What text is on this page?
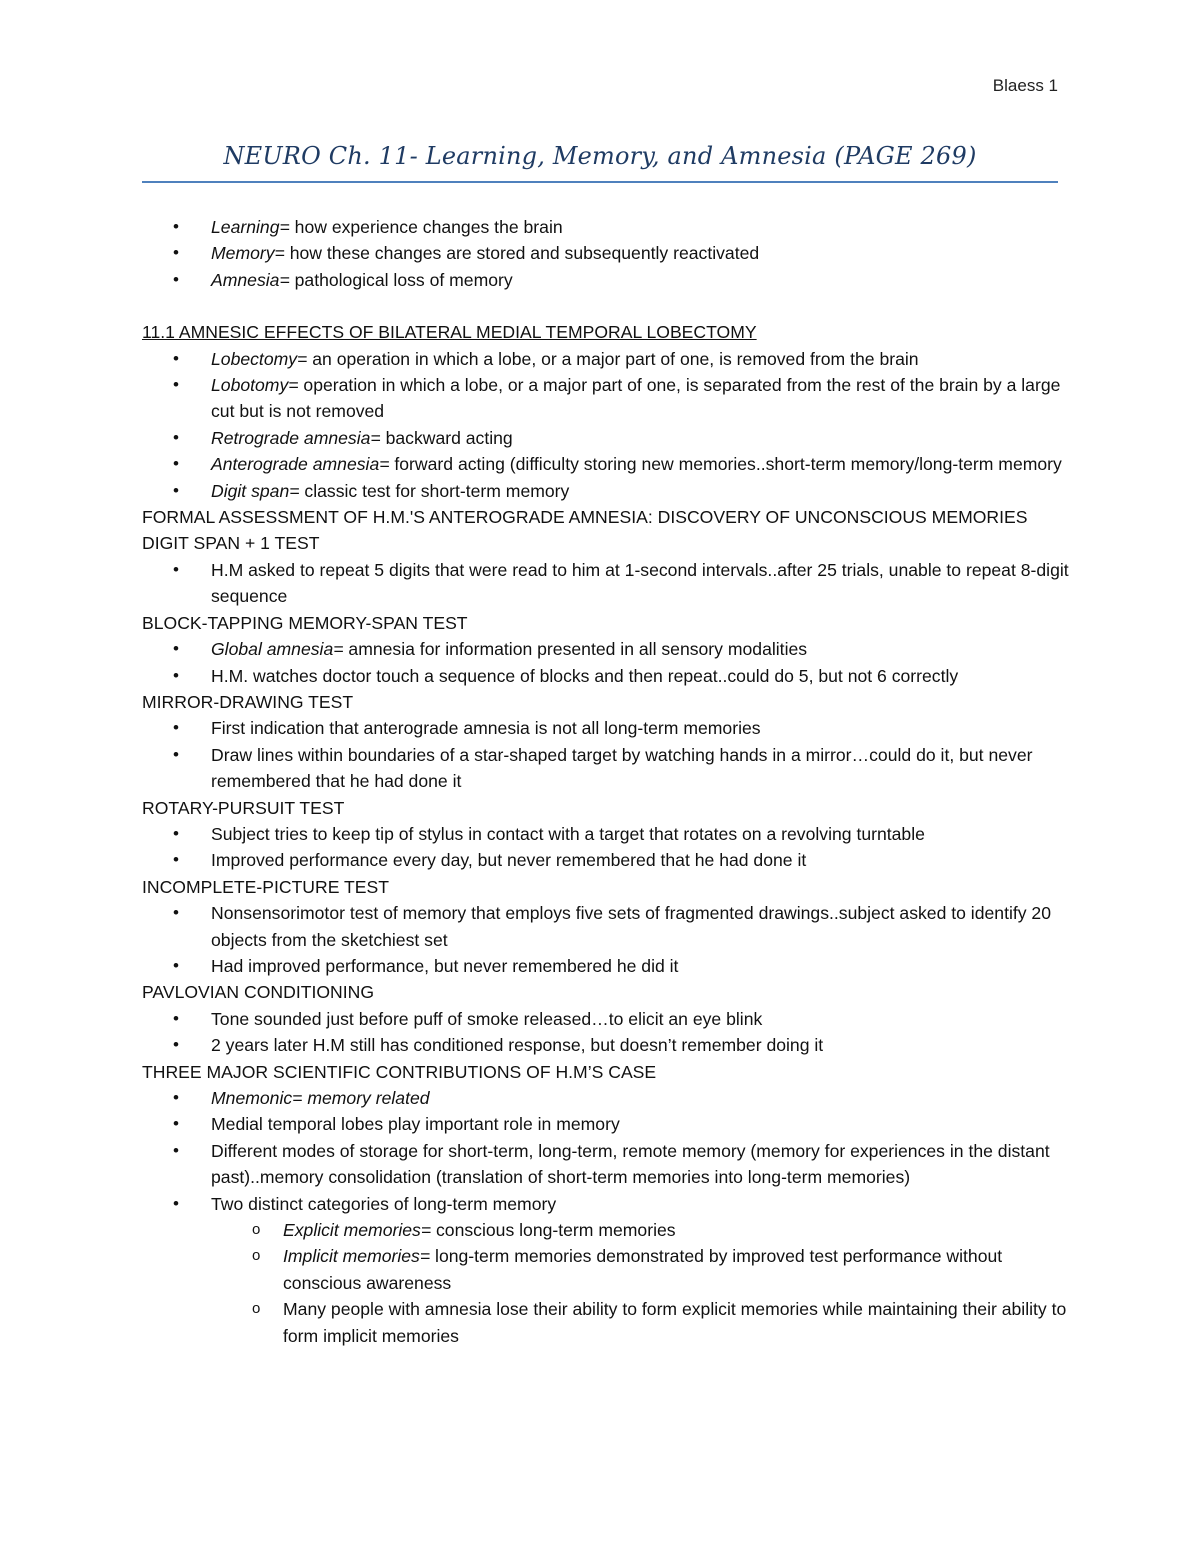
Blaess 1
NEURO Ch. 11- Learning, Memory, and Amnesia (PAGE 269)
• Learning= how experience changes the brain
• Memory= how these changes are stored and subsequently reactivated
• Amnesia= pathological loss of memory
11.1 AMNESIC EFFECTS OF BILATERAL MEDIAL TEMPORAL LOBECTOMY
• Lobectomy= an operation in which a lobe, or a major part of one, is removed from the brain
• Lobotomy= operation in which a lobe, or a major part of one, is separated from the rest of the brain by a large cut but is not removed
• Retrograde amnesia= backward acting
• Anterograde amnesia= forward acting (difficulty storing new memories..short-term memory/long-term memory
• Digit span= classic test for short-term memory
FORMAL ASSESSMENT OF H.M.'S ANTEROGRADE AMNESIA: DISCOVERY OF UNCONSCIOUS MEMORIES
DIGIT SPAN + 1 TEST
• H.M asked to repeat 5 digits that were read to him at 1-second intervals..after 25 trials, unable to repeat 8-digit sequence
BLOCK-TAPPING MEMORY-SPAN TEST
• Global amnesia= amnesia for information presented in all sensory modalities
• H.M. watches doctor touch a sequence of blocks and then repeat..could do 5, but not 6 correctly
MIRROR-DRAWING TEST
• First indication that anterograde amnesia is not all long-term memories
• Draw lines within boundaries of a star-shaped target by watching hands in a mirror…could do it, but never remembered that he had done it
ROTARY-PURSUIT TEST
• Subject tries to keep tip of stylus in contact with a target that rotates on a revolving turntable
• Improved performance every day, but never remembered that he had done it
INCOMPLETE-PICTURE TEST
• Nonsensorimotor test of memory that employs five sets of fragmented drawings..subject asked to identify 20 objects from the sketchiest set
• Had improved performance, but never remembered he did it
PAVLOVIAN CONDITIONING
• Tone sounded just before puff of smoke released…to elicit an eye blink
• 2 years later H.M still has conditioned response, but doesn’t remember doing it
THREE MAJOR SCIENTIFIC CONTRIBUTIONS OF H.M’S CASE
• Mnemonic= memory related
• Medial temporal lobes play important role in memory
• Different modes of storage for short-term, long-term, remote memory (memory for experiences in the distant past)..memory consolidation (translation of short-term memories into long-term memories)
• Two distinct categories of long-term memory
o Explicit memories= conscious long-term memories
o Implicit memories= long-term memories demonstrated by improved test performance without conscious awareness
o Many people with amnesia lose their ability to form explicit memories while maintaining their ability to form implicit memories
